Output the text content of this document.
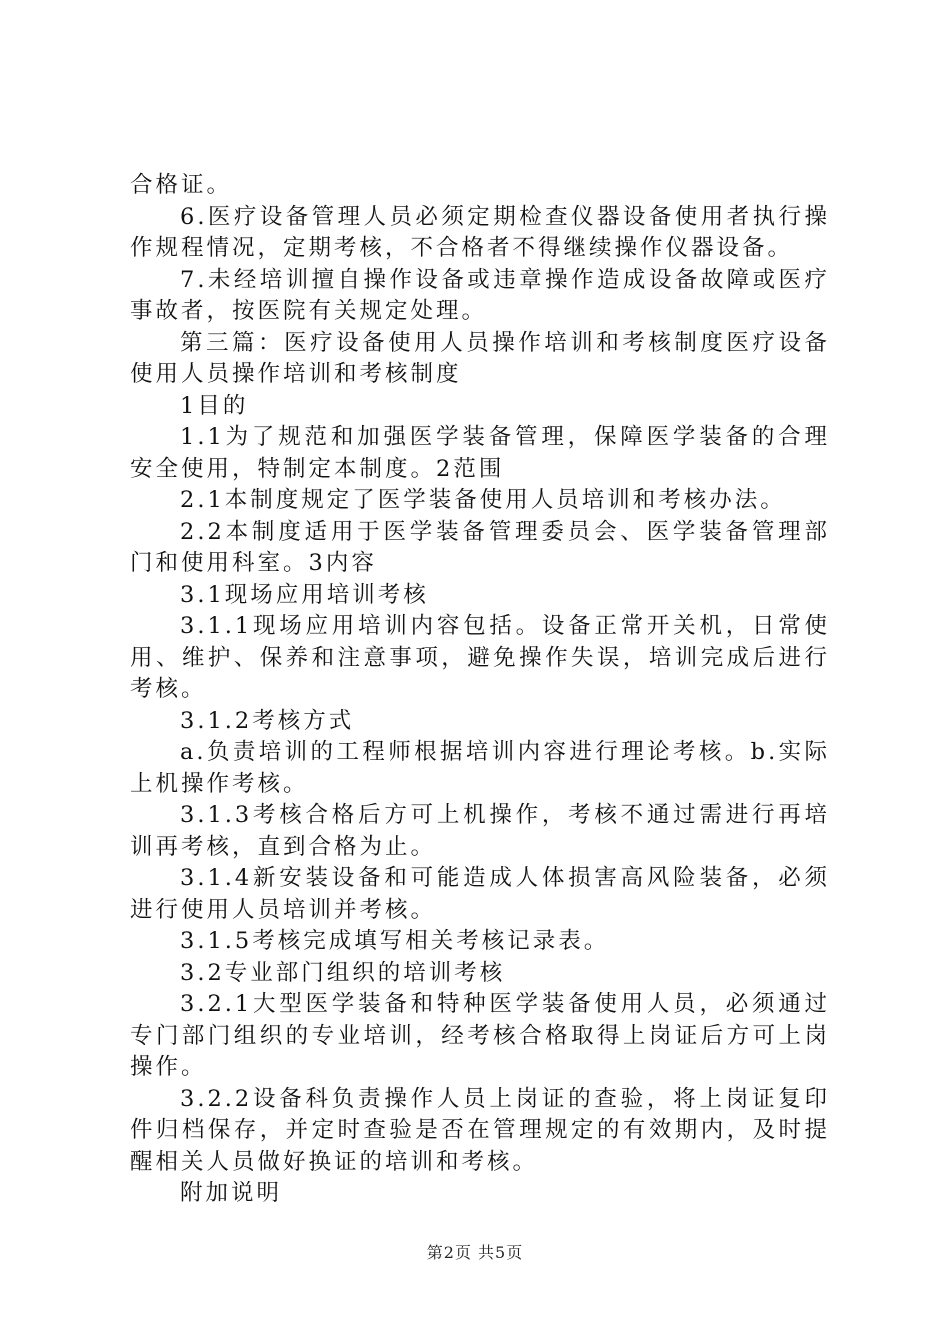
合格证。

6.医疗设备管理人员必须定期检查仪器设备使用者执行操作规程情况，定期考核，不合格者不得继续操作仪器设备。

7.未经培训擅自操作设备或违章操作造成设备故障或医疗事故者，按医院有关规定处理。

第三篇：医疗设备使用人员操作培训和考核制度医疗设备使用人员操作培训和考核制度

1目的

1.1为了规范和加强医学装备管理，保障医学装备的合理安全使用，特制定本制度。2范围

2.1本制度规定了医学装备使用人员培训和考核办法。

2.2本制度适用于医学装备管理委员会、医学装备管理部门和使用科室。3内容

3.1现场应用培训考核

3.1.1现场应用培训内容包括。设备正常开关机，日常使用、维护、保养和注意事项，避免操作失误，培训完成后进行考核。

3.1.2考核方式

a.负责培训的工程师根据培训内容进行理论考核。b.实际上机操作考核。

3.1.3考核合格后方可上机操作，考核不通过需进行再培训再考核，直到合格为止。

3.1.4新安装设备和可能造成人体损害高风险装备，必须进行使用人员培训并考核。

3.1.5考核完成填写相关考核记录表。

3.2专业部门组织的培训考核

3.2.1大型医学装备和特种医学装备使用人员，必须通过专门部门组织的专业培训，经考核合格取得上岗证后方可上岗操作。

3.2.2设备科负责操作人员上岗证的查验，将上岗证复印件归档保存，并定时查验是否在管理规定的有效期内，及时提醒相关人员做好换证的培训和考核。

附加说明

第2页 共5页
